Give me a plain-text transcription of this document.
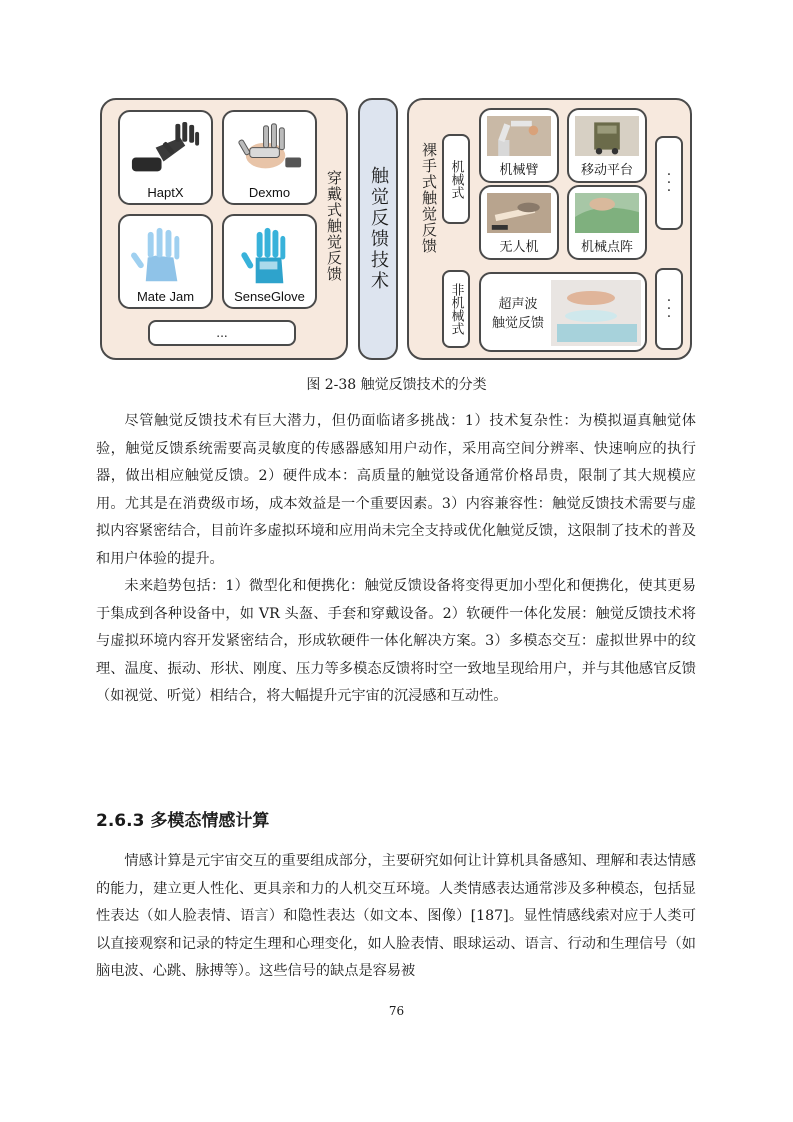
HaptX	Dexmo
Mate Jam	SenseGlove
...
穿戴式触觉反馈 触觉反馈技术 裸手式触觉反馈 机械式
非机械式
机械臂	移动平台
无人机	机械点阵
超声波
触觉反馈
·
·
·
·
·
·
图 2-38 触觉反馈技术的分类

尽管触觉反馈技术有巨大潜力，但仍面临诸多挑战：1）技术复杂性：为模拟逼真触觉体验，触觉反馈系统需要高灵敏度的传感器感知用户动作，采用高空间分辨率、快速响应的执行器，做出相应触觉反馈。2）硬件成本：高质量的触觉设备通常价格昂贵，限制了其大规模应用。尤其是在消费级市场，成本效益是一个重要因素。3）内容兼容性：触觉反馈技术需要与虚拟内容紧密结合，目前许多虚拟环境和应用尚未完全支持或优化触觉反馈，这限制了技术的普及和用户体验的提升。

未来趋势包括：1）微型化和便携化：触觉反馈设备将变得更加小型化和便携化，使其更易于集成到各种设备中，如 VR 头盔、手套和穿戴设备。2）软硬件一体化发展：触觉反馈技术将与虚拟环境内容开发紧密结合，形成软硬件一体化解决方案。3）多模态交互：虚拟世界中的纹理、温度、振动、形状、刚度、压力等多模态反馈将时空一致地呈现给用户，并与其他感官反馈（如视觉、听觉）相结合，将大幅提升元宇宙的沉浸感和互动性。

2.6.3 多模态情感计算

情感计算是元宇宙交互的重要组成部分，主要研究如何让计算机具备感知、理解和表达情感的能力，建立更人性化、更具亲和力的人机交互环境。人类情感表达通常涉及多种模态，包括显性表达（如人脸表情、语言）和隐性表达（如文本、图像）[187]。显性情感线索对应于人类可以直接观察和记录的特定生理和心理变化，如人脸表情、眼球运动、语言、行动和生理信号（如脑电波、心跳、脉搏等）。这些信号的缺点是容易被

76
